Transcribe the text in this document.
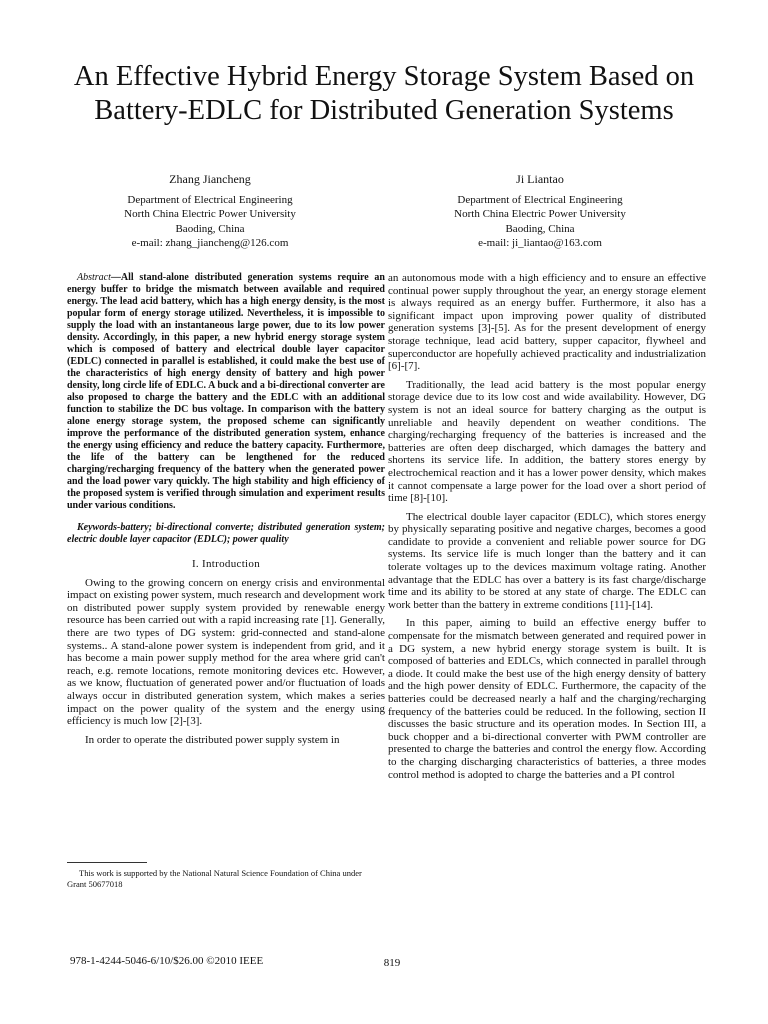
An Effective Hybrid Energy Storage System Based on Battery-EDLC for Distributed Generation Systems
Zhang Jiancheng
Department of Electrical Engineering
North China Electric Power University
Baoding, China
e-mail: zhang_jiancheng@126.com
Ji Liantao
Department of Electrical Engineering
North China Electric Power University
Baoding, China
e-mail: ji_liantao@163.com

Abstract—All stand-alone distributed generation systems require an energy buffer to bridge the mismatch between available and required energy. The lead acid battery, which has a high energy density, is the most popular form of energy storage utilized. Nevertheless, it is impossible to supply the load with an instantaneous large power, due to its low power density. Accordingly, in this paper, a new hybrid energy storage system which is composed of battery and electrical double layer capacitor (EDLC) connected in parallel is established, it could make the best use of the characteristics of high energy density of battery and high power density, long circle life of EDLC. A buck and a bi-directional converter are also proposed to charge the battery and the EDLC with an additional function to stabilize the DC bus voltage. In comparison with the battery alone energy storage system, the proposed scheme can significantly improve the performance of the distributed generation system, enhance the energy using efficiency and reduce the battery capacity. Furthermore, the life of the battery can be lengthened for the reduced charging/recharging frequency of the battery when the generated power and the load power vary quickly. The high stability and high efficiency of the proposed system is verified through simulation and experiment results under various conditions.

Keywords-battery; bi-directional converte; distributed generation system; electric double layer capacitor (EDLC); power quality

I. Introduction

Owing to the growing concern on energy crisis and environmental impact on existing power system, much research and development work on distributed power supply system provided by renewable energy resource has been carried out with a rapid increasing rate [1]. Generally, there are two types of DG system: grid-connected and stand-alone systems.. A stand-alone power system is independent from grid, and it has become a main power supply method for the area where grid can't reach, e.g. remote locations, remote monitoring devices etc. However, as we know, fluctuation of generated power and/or fluctuation of loads always occur in distributed generation system, which makes a series impact on the power quality of the system and the energy using efficiency is much low [2]-[3].

In order to operate the distributed power supply system in

an autonomous mode with a high efficiency and to ensure an effective continual power supply throughout the year, an energy storage element is always required as an energy buffer. Furthermore, it also has a significant impact upon improving power quality of distributed generation systems [3]-[5]. As for the present development of energy storage technique, lead acid battery, supper capacitor, flywheel and superconductor are hopefully achieved practicality and industrialization [6]-[7].

Traditionally, the lead acid battery is the most popular energy storage device due to its low cost and wide availability. However, DG system is not an ideal source for battery charging as the output is unreliable and heavily dependent on weather conditions. The charging/recharging frequency of the batteries is increased and the batteries are often deep discharged, which damages the battery and shortens its service life. In addition, the battery stores energy by electrochemical reaction and it has a lower power density, which makes it cannot compensate a large power for the load over a short period of time [8]-[10].

The electrical double layer capacitor (EDLC), which stores energy by physically separating positive and negative charges, becomes a good candidate to provide a convenient and reliable power source for DG systems. Its service life is much longer than the battery and it can tolerate voltages up to the devices maximum voltage rating. Another advantage that the EDLC has over a battery is its fast charge/discharge time and its ability to be stored at any state of charge. The EDLC can work better than the battery in extreme conditions [11]-[14].

In this paper, aiming to build an effective energy buffer to compensate for the mismatch between generated and required power in a DG system, a new hybrid energy storage system is built. It is composed of batteries and EDLCs, which connected in parallel through a diode. It could make the best use of the high energy density of battery and the high power density of EDLC. Furthermore, the capacity of the batteries could be decreased nearly a half and the charging/recharging frequency of the batteries could be reduced. In the following, section II discusses the basic structure and its operation modes. In Section III, a buck chopper and a bi-directional converter with PWM controller are presented to charge the batteries and control the energy flow. According to the charging discharging characteristics of batteries, a three modes control method is adopted to charge the batteries and a PI control

This work is supported by the National Natural Science Foundation of China under Grant 50677018
978-1-4244-5046-6/10/$26.00 ©2010 IEEE	819
